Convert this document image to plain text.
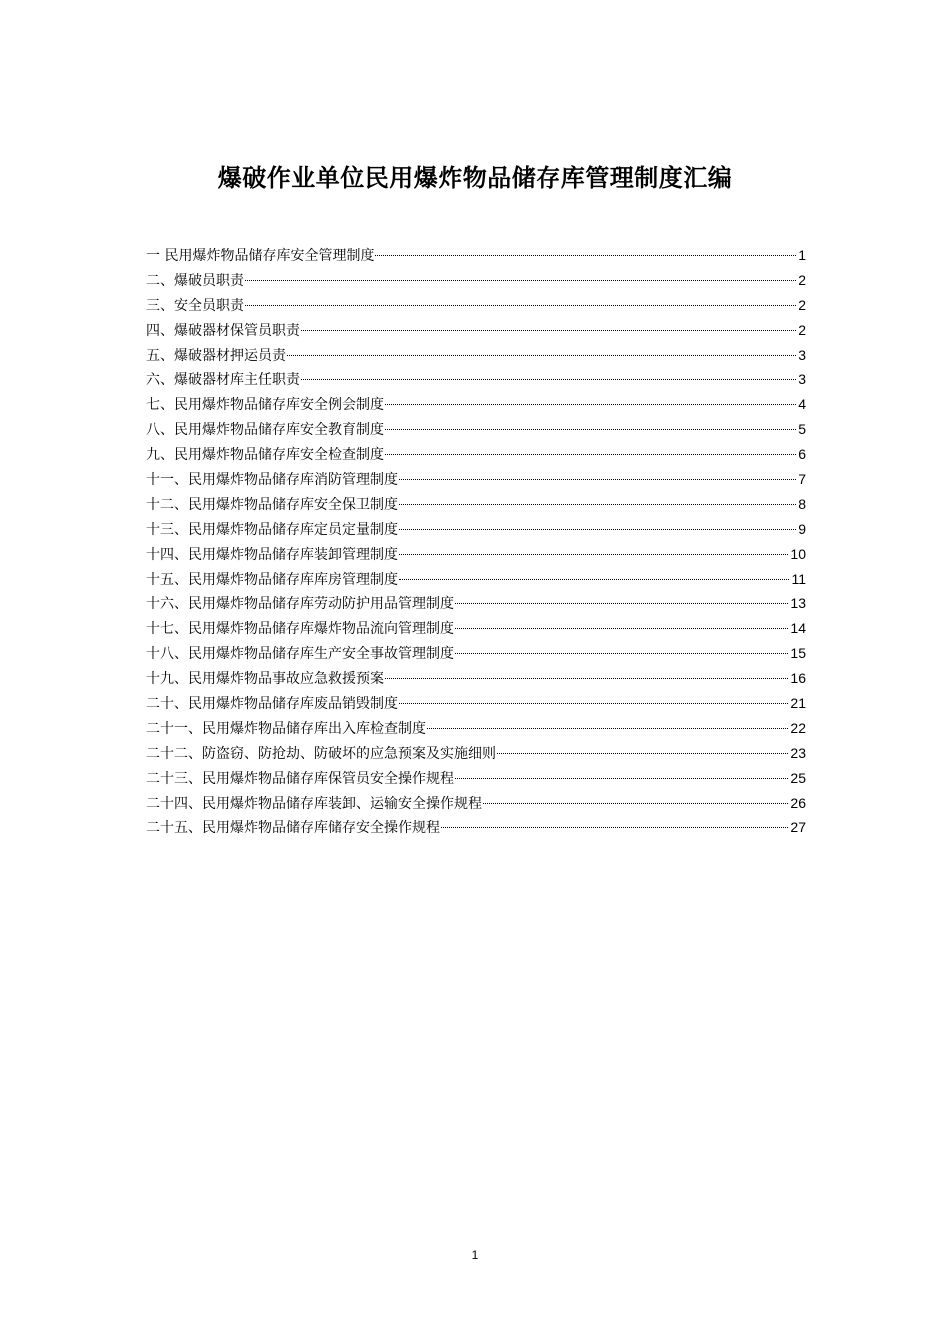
爆破作业单位民用爆炸物品储存库管理制度汇编
一 民用爆炸物品储存库安全管理制度	1
二、爆破员职责	2
三、安全员职责	2
四、爆破器材保管员职责	2
五、爆破器材押运员责	3
六、爆破器材库主任职责	3
七、民用爆炸物品储存库安全例会制度	4
八、民用爆炸物品储存库安全教育制度	5
九、民用爆炸物品储存库安全检查制度	6
十一、民用爆炸物品储存库消防管理制度	7
十二、民用爆炸物品储存库安全保卫制度	8
十三、民用爆炸物品储存库定员定量制度	9
十四、民用爆炸物品储存库装卸管理制度	10
十五、民用爆炸物品储存库库房管理制度	11
十六、民用爆炸物品储存库劳动防护用品管理制度	13
十七、民用爆炸物品储存库爆炸物品流向管理制度	14
十八、民用爆炸物品储存库生产安全事故管理制度	15
十九、民用爆炸物品事故应急救援预案	16
二十、民用爆炸物品储存库废品销毁制度	21
二十一、民用爆炸物品储存库出入库检查制度	22
二十二、防盗窃、防抢劫、防破坏的应急预案及实施细则	23
二十三、民用爆炸物品储存库保管员安全操作规程	25
二十四、民用爆炸物品储存库装卸、运输安全操作规程	26
二十五、民用爆炸物品储存库储存安全操作规程	27
1
